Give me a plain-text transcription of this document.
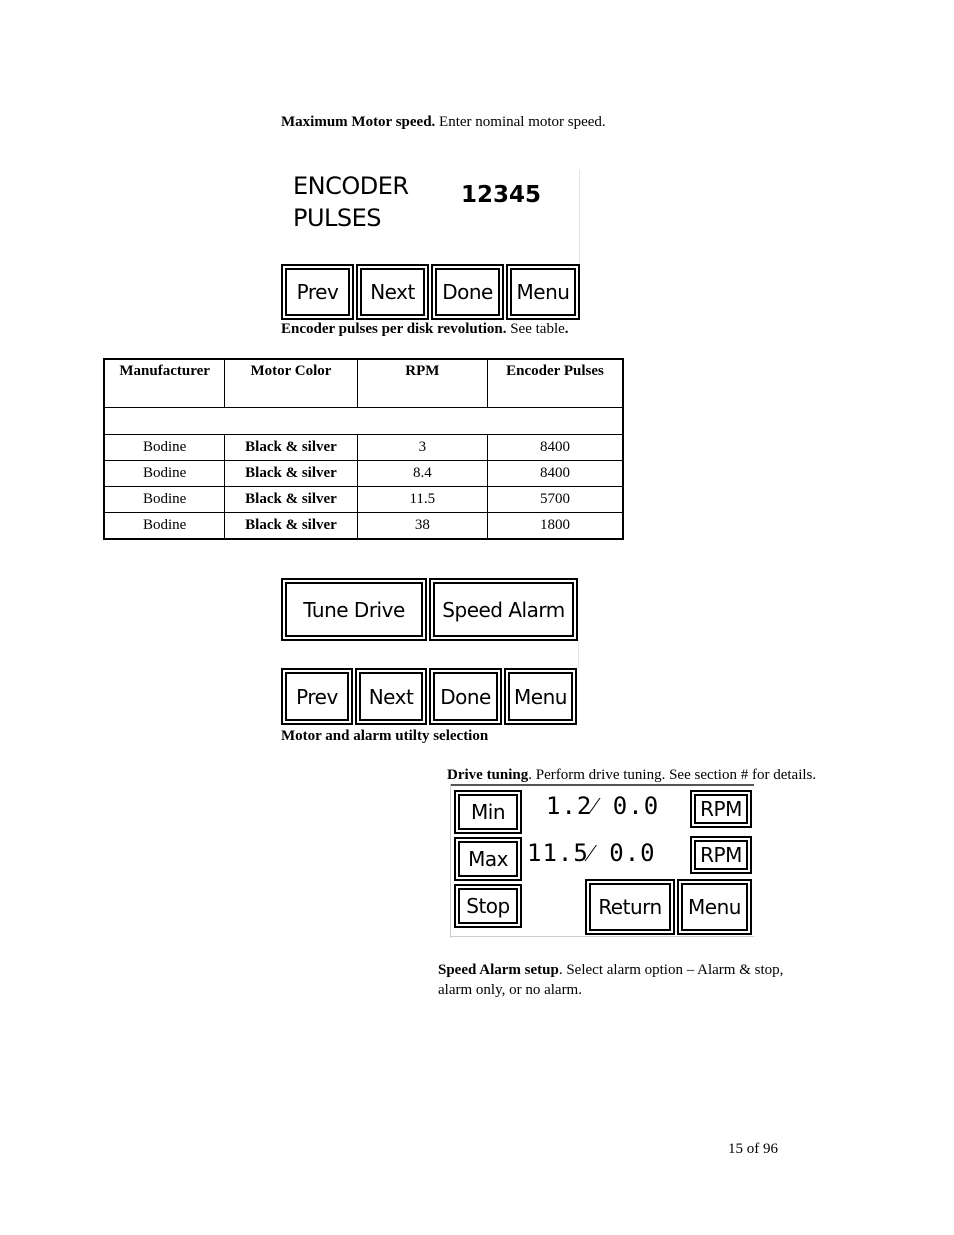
Maximum Motor speed. Enter nominal motor speed.
ENCODER
PULSES
12345
Prev Next Done Menu
Encoder pulses per disk revolution. See table.
Manufacturer	Motor Color	RPM	Encoder Pulses

Bodine	Black & silver	3	8400
Bodine	Black & silver	8.4	8400
Bodine	Black & silver	11.5	5700
Bodine	Black & silver	38	1800
Tune Drive Speed Alarm
Prev Next Done Menu
Motor and alarm utilty selection
Drive tuning. Perform drive tuning. See section # for details.
Min
Max
Stop
1.2⁄ 0.0
11.5⁄ 0.0
RPM
RPM
Return Menu
Speed Alarm setup. Select alarm option – Alarm & stop,
alarm only, or no alarm.
15 of 96
